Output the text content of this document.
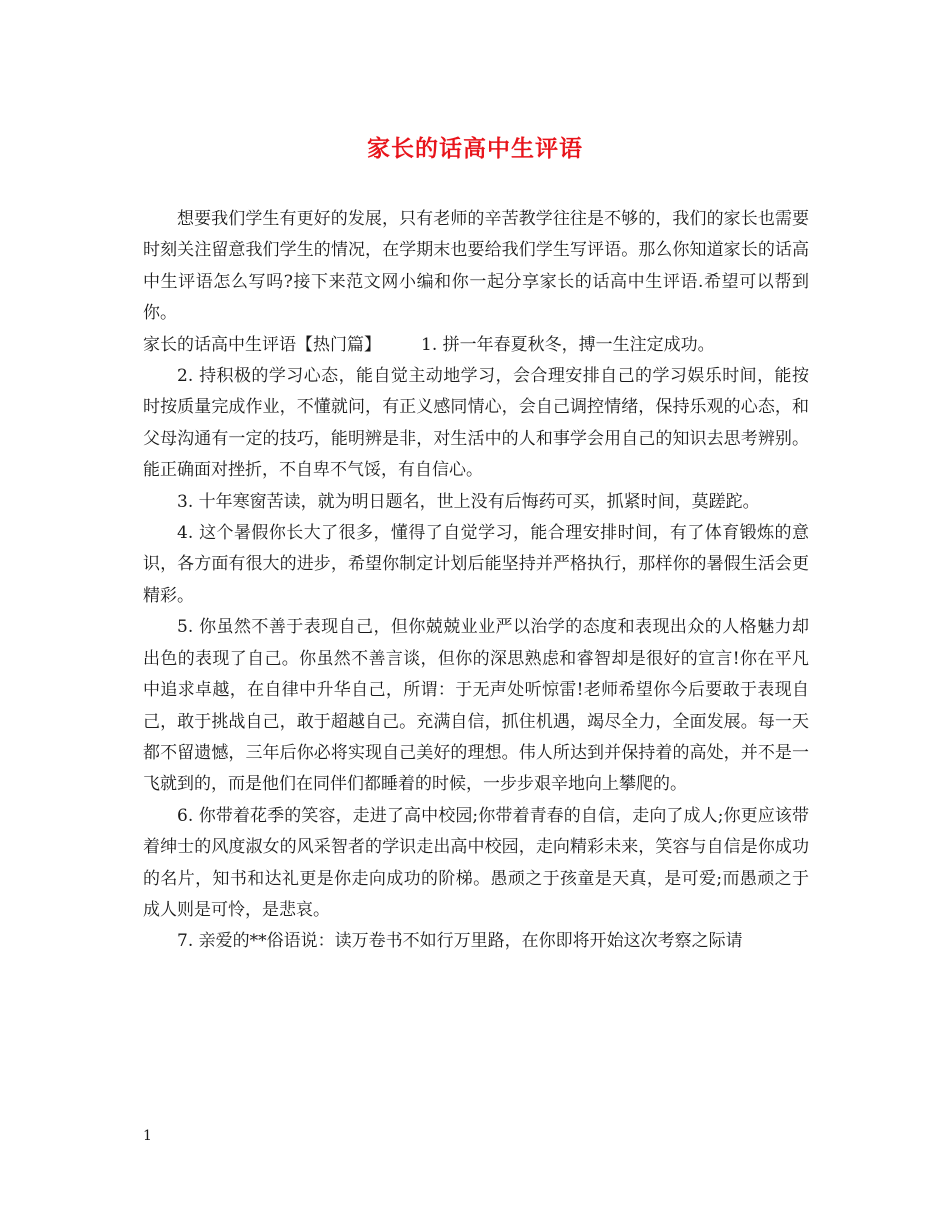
家长的话高中生评语

想要我们学生有更好的发展，只有老师的辛苦教学往往是不够的，我们的家长也需要时刻关注留意我们学生的情况，在学期末也要给我们学生写评语。那么你知道家长的话高中生评语怎么写吗?接下来范文网小编和你一起分享家长的话高中生评语.希望可以帮到你。

家长的话高中生评语【热门篇】 1. 拼一年春夏秋冬，搏一生注定成功。

2. 持积极的学习心态，能自觉主动地学习，会合理安排自己的学习娱乐时间，能按时按质量完成作业，不懂就问，有正义感同情心，会自己调控情绪，保持乐观的心态，和父母沟通有一定的技巧，能明辨是非，对生活中的人和事学会用自己的知识去思考辨别。能正确面对挫折，不自卑不气馁，有自信心。

3. 十年寒窗苦读，就为明日题名，世上没有后悔药可买，抓紧时间，莫蹉跎。

4. 这个暑假你长大了很多，懂得了自觉学习，能合理安排时间，有了体育锻炼的意识，各方面有很大的进步，希望你制定计划后能坚持并严格执行，那样你的暑假生活会更精彩。

5. 你虽然不善于表现自己，但你兢兢业业严以治学的态度和表现出众的人格魅力却出色的表现了自己。你虽然不善言谈，但你的深思熟虑和睿智却是很好的宣言!你在平凡中追求卓越，在自律中升华自己，所谓：于无声处听惊雷!老师希望你今后要敢于表现自己，敢于挑战自己，敢于超越自己。充满自信，抓住机遇，竭尽全力，全面发展。每一天都不留遗憾，三年后你必将实现自己美好的理想。伟人所达到并保持着的高处，并不是一飞就到的，而是他们在同伴们都睡着的时候，一步步艰辛地向上攀爬的。

6. 你带着花季的笑容，走进了高中校园;你带着青春的自信，走向了成人;你更应该带着绅士的风度淑女的风采智者的学识走出高中校园，走向精彩未来，笑容与自信是你成功的名片，知书和达礼更是你走向成功的阶梯。愚顽之于孩童是天真，是可爱;而愚顽之于成人则是可怜，是悲哀。

7. 亲爱的**俗语说：读万卷书不如行万里路，在你即将开始这次考察之际请

1
